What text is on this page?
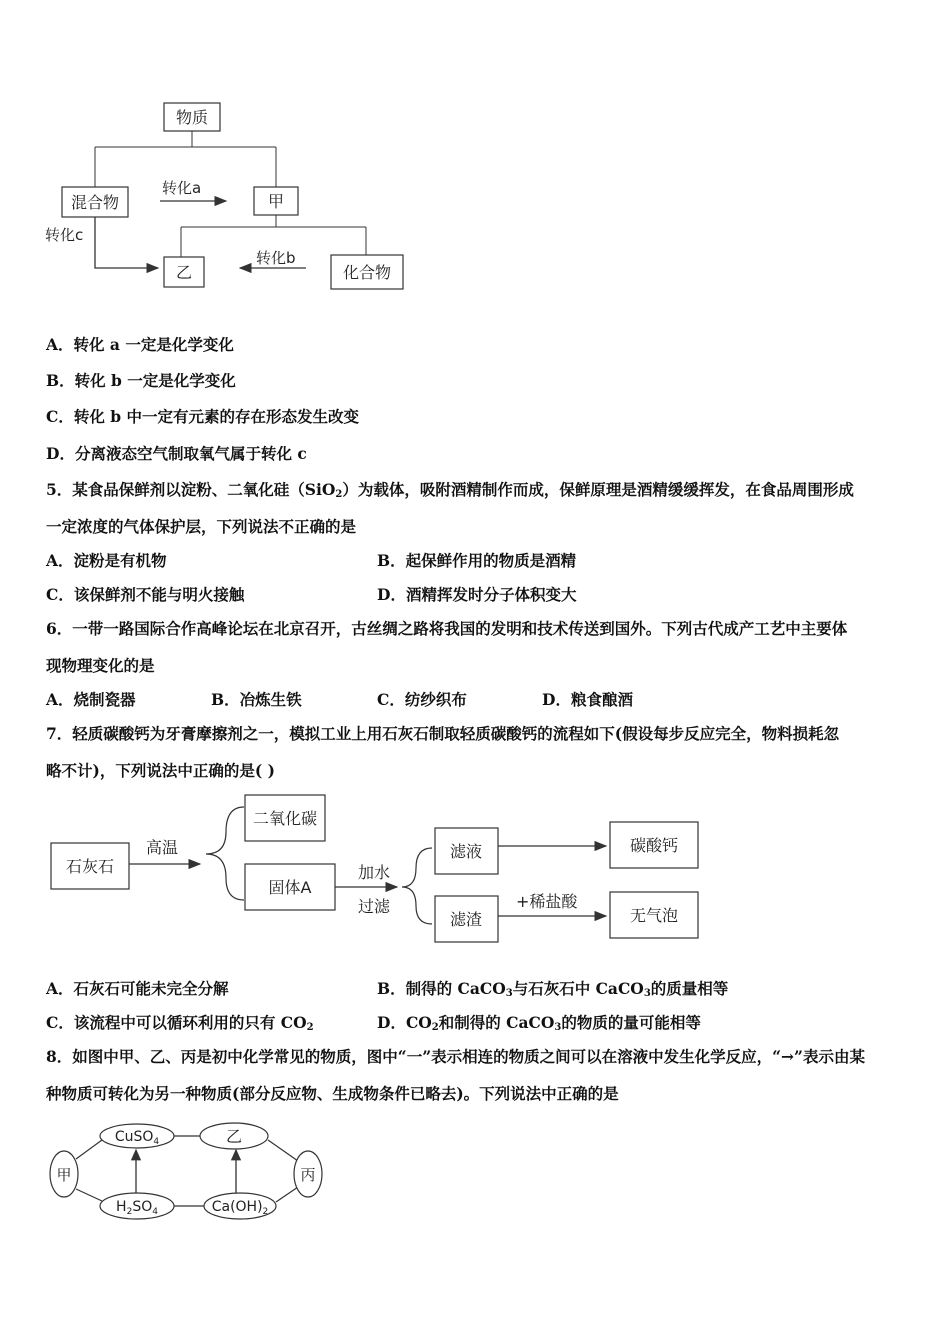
物质
混合物	甲
转化a
乙	化合物
转化b
转化c
A．转化 a 一定是化学变化
B．转化 b 一定是化学变化
C．转化 b 中一定有元素的存在形态发生改变
D．分离液态空气制取氧气属于转化 c
5．某食品保鲜剂以淀粉、二氧化硅（SiO$_2$）为载体，吸附酒精制作而成，保鲜原理是酒精缓缓挥发，在食品周围形成
一定浓度的气体保护层，下列说法不正确的是
A．淀粉是有机物	B．起保鲜作用的物质是酒精
C．该保鲜剂不能与明火接触	D．酒精挥发时分子体积变大
6．一带一路国际合作高峰论坛在北京召开，古丝绸之路将我国的发明和技术传送到国外。下列古代成产工艺中主要体
现物理变化的是
A．烧制瓷器	B．冶炼生铁	C．纺纱织布	D．粮食酿酒
7．轻质碳酸钙为牙膏摩擦剂之一，模拟工业上用石灰石制取轻质碳酸钙的流程如下(假设每步反应完全，物料损耗忽
略不计)，下列说法中正确的是( )
石灰石
高温
二氧化碳
固体A
加水
过滤
滤液
滤渣
+稀盐酸
碳酸钙
无气泡
A．石灰石可能未完全分解	B．制得的 CaCO$_3$与石灰石中 CaCO$_3$的质量相等
C．该流程中可以循环利用的只有 $CO_2$	D．$CO_2$和制得的 CaCO$_3$的物质的量可能相等
8．如图中甲、乙、丙是初中化学常见的物质，图中“一”表示相连的物质之间可以在溶液中发生化学反应，“→”表示由某
种物质可转化为另一种物质(部分反应物、生成物条件已略去)。下列说法中正确的是
甲
CuSO$_4$	乙
丙
$H_2SO_4$	$Ca(OH)_2$
